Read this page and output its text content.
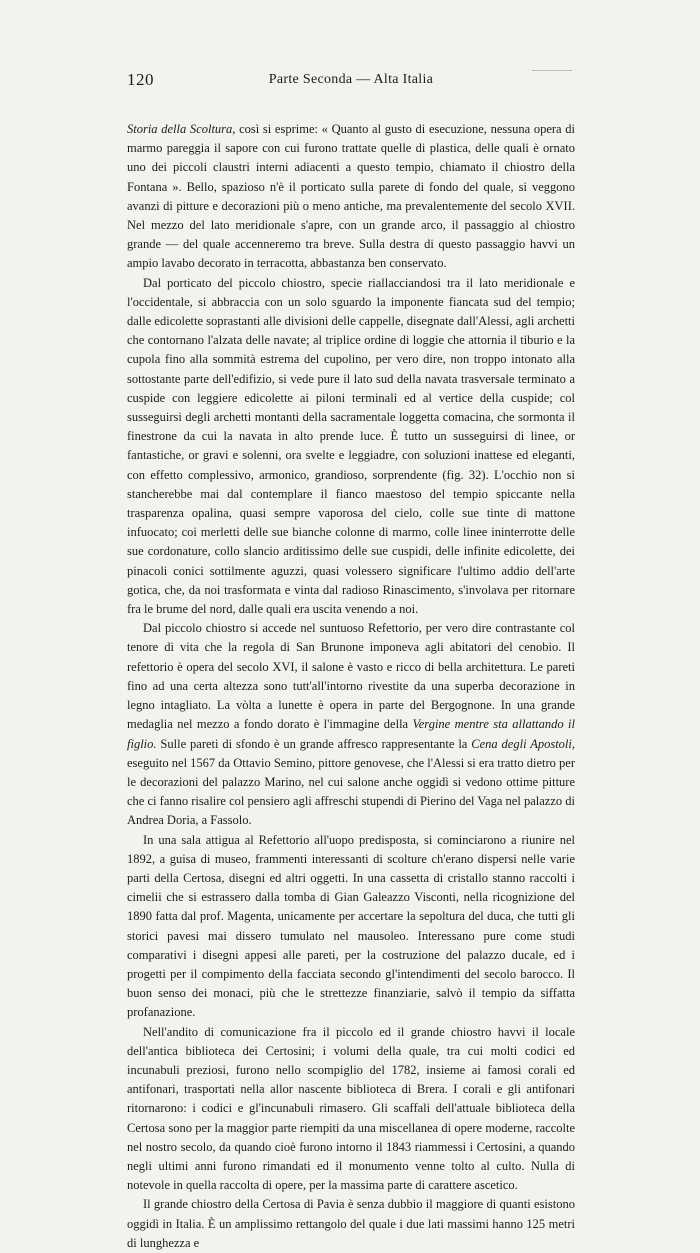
120	Parte Seconda — Alta Italia

Storia della Scoltura, così si esprime: « Quanto al gusto di esecuzione, nessuna opera di marmo pareggia il sapore con cui furono trattate quelle di plastica, delle quali è ornato uno dei piccoli claustri interni adiacenti a questo tempio, chiamato il chiostro della Fontana ». Bello, spazioso n'è il porticato sulla parete di fondo del quale, si veggono avanzi di pitture e decorazioni più o meno antiche, ma prevalentemente del secolo XVII. Nel mezzo del lato meridionale s'apre, con un grande arco, il passaggio al chiostro grande — del quale accenneremo tra breve. Sulla destra di questo passaggio havvi un ampio lavabo decorato in terracotta, abbastanza ben conservato.

Dal porticato del piccolo chiostro, specie riallacciandosi tra il lato meridionale e l'occidentale, si abbraccia con un solo sguardo la imponente fiancata sud del tempio; dalle edicolette soprastanti alle divisioni delle cappelle, disegnate dall'Alessi, agli archetti che contornano l'alzata delle navate; al triplice ordine di loggie che attornia il tiburio e la cupola fino alla sommità estrema del cupolino, per vero dire, non troppo intonato alla sottostante parte dell'edifizio, si vede pure il lato sud della navata trasversale terminato a cuspide con leggiere edicolette ai piloni terminali ed al vertice della cuspide; col susseguirsi degli archetti montanti della sacramentale loggetta comacina, che sormonta il finestrone da cui la navata in alto prende luce. È tutto un susseguirsi di linee, or fantastiche, or gravi e solenni, ora svelte e leggiadre, con soluzioni inattese ed eleganti, con effetto complessivo, armonico, grandioso, sorprendente (fig. 32). L'occhio non si stancherebbe mai dal contemplare il fianco maestoso del tempio spiccante nella trasparenza opalina, quasi sempre vaporosa del cielo, colle sue tinte di mattone infuocato; coi merletti delle sue bianche colonne di marmo, colle linee ininterrotte delle sue cordonature, collo slancio arditissimo delle sue cuspidi, delle infinite edicolette, dei pinacoli conici sottilmente aguzzi, quasi volessero significare l'ultimo addio dell'arte gotica, che, da noi trasformata e vinta dal radioso Rinascimento, s'involava per ritornare fra le brume del nord, dalle quali era uscita venendo a noi.

Dal piccolo chiostro si accede nel suntuoso Refettorio, per vero dire contrastante col tenore di vita che la regola di San Brunone imponeva agli abitatori del cenobio. Il refettorio è opera del secolo XVI, il salone è vasto e ricco di bella architettura. Le pareti fino ad una certa altezza sono tutt'all'intorno rivestite da una superba decorazione in legno intagliato. La vòlta a lunette è opera in parte del Bergognone. In una grande medaglia nel mezzo a fondo dorato è l'immagine della Vergine mentre sta allattando il figlio. Sulle pareti di sfondo è un grande affresco rappresentante la Cena degli Apostoli, eseguito nel 1567 da Ottavio Semino, pittore genovese, che l'Alessi si era tratto dietro per le decorazioni del palazzo Marino, nel cui salone anche oggidì si vedono ottime pitture che ci fanno risalire col pensiero agli affreschi stupendi di Pierino del Vaga nel palazzo di Andrea Doria, a Fassolo.

In una sala attigua al Refettorio all'uopo predisposta, si cominciarono a riunire nel 1892, a guisa di museo, frammenti interessanti di scolture ch'erano dispersi nelle varie parti della Certosa, disegni ed altri oggetti. In una cassetta di cristallo stanno raccolti i cimelii che si estrassero dalla tomba di Gian Galeazzo Visconti, nella ricognizione del 1890 fatta dal prof. Magenta, unicamente per accertare la sepoltura del duca, che tutti gli storici pavesi mai dissero tumulato nel mausoleo. Interessano pure come studi comparativi i disegni appesi alle pareti, per la costruzione del palazzo ducale, ed i progetti per il compimento della facciata secondo gl'intendimenti del secolo barocco. Il buon senso dei monaci, più che le strettezze finanziarie, salvò il tempio da siffatta profanazione.

Nell'andito di comunicazione fra il piccolo ed il grande chiostro havvi il locale dell'antica biblioteca dei Certosini; i volumi della quale, tra cui molti codici ed incunabuli preziosi, furono nello scompiglio del 1782, insieme ai famosi corali ed antifonari, trasportati nella allor nascente biblioteca di Brera. I corali e gli antifonari ritornarono: i codici e gl'incunabuli rimasero. Gli scaffali dell'attuale biblioteca della Certosa sono per la maggior parte riempiti da una miscellanea di opere moderne, raccolte nel nostro secolo, da quando cioè furono intorno il 1843 riammessi i Certosini, a quando negli ultimi anni furono rimandati ed il monumento venne tolto al culto. Nulla di notevole in quella raccolta di opere, per la massima parte di carattere ascetico.

Il grande chiostro della Certosa di Pavia è senza dubbio il maggiore di quanti esistono oggidì in Italia. È un amplissimo rettangolo del quale i due lati massimi hanno 125 metri di lunghezza e
